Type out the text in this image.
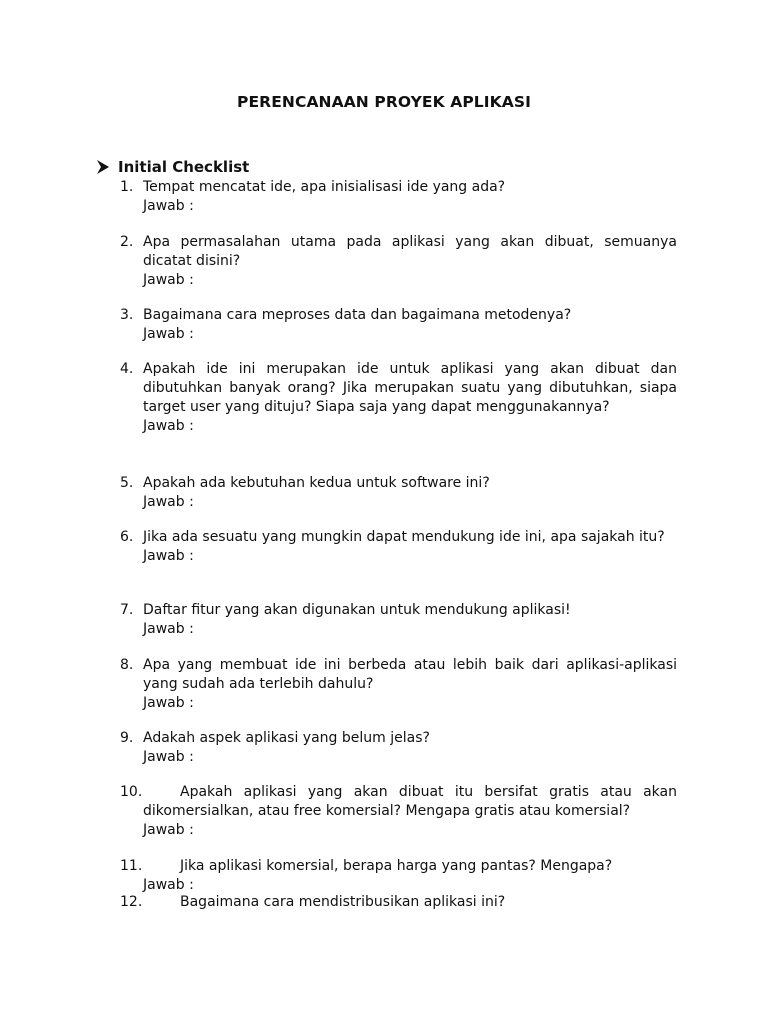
PERENCANAAN PROYEK APLIKASI
Initial Checklist
1. Tempat mencatat ide, apa inisialisasi ide yang ada?
Jawab :
2. Apa permasalahan utama pada aplikasi yang akan dibuat, semuanya dicatat disini?
Jawab :
3. Bagaimana cara meproses data dan bagaimana metodenya?
Jawab :
4. Apakah ide ini merupakan ide untuk aplikasi yang akan dibuat dan dibutuhkan banyak orang? Jika merupakan suatu yang dibutuhkan, siapa target user yang dituju? Siapa saja yang dapat menggunakannya?
Jawab :
5. Apakah ada kebutuhan kedua untuk software ini?
Jawab :
6. Jika ada sesuatu yang mungkin dapat mendukung ide ini, apa sajakah itu?
Jawab :
7. Daftar fitur yang akan digunakan untuk mendukung aplikasi!
Jawab :
8. Apa yang membuat ide ini berbeda atau lebih baik dari aplikasi-aplikasi yang sudah ada terlebih dahulu?
Jawab :
9. Adakah aspek aplikasi yang belum jelas?
Jawab :
10.	Apakah aplikasi yang akan dibuat itu bersifat gratis atau akan dikomersialkan, atau free komersial? Mengapa gratis atau komersial?
Jawab :
11.	Jika aplikasi komersial, berapa harga yang pantas? Mengapa?
Jawab :
12.	Bagaimana cara mendistribusikan aplikasi ini?
